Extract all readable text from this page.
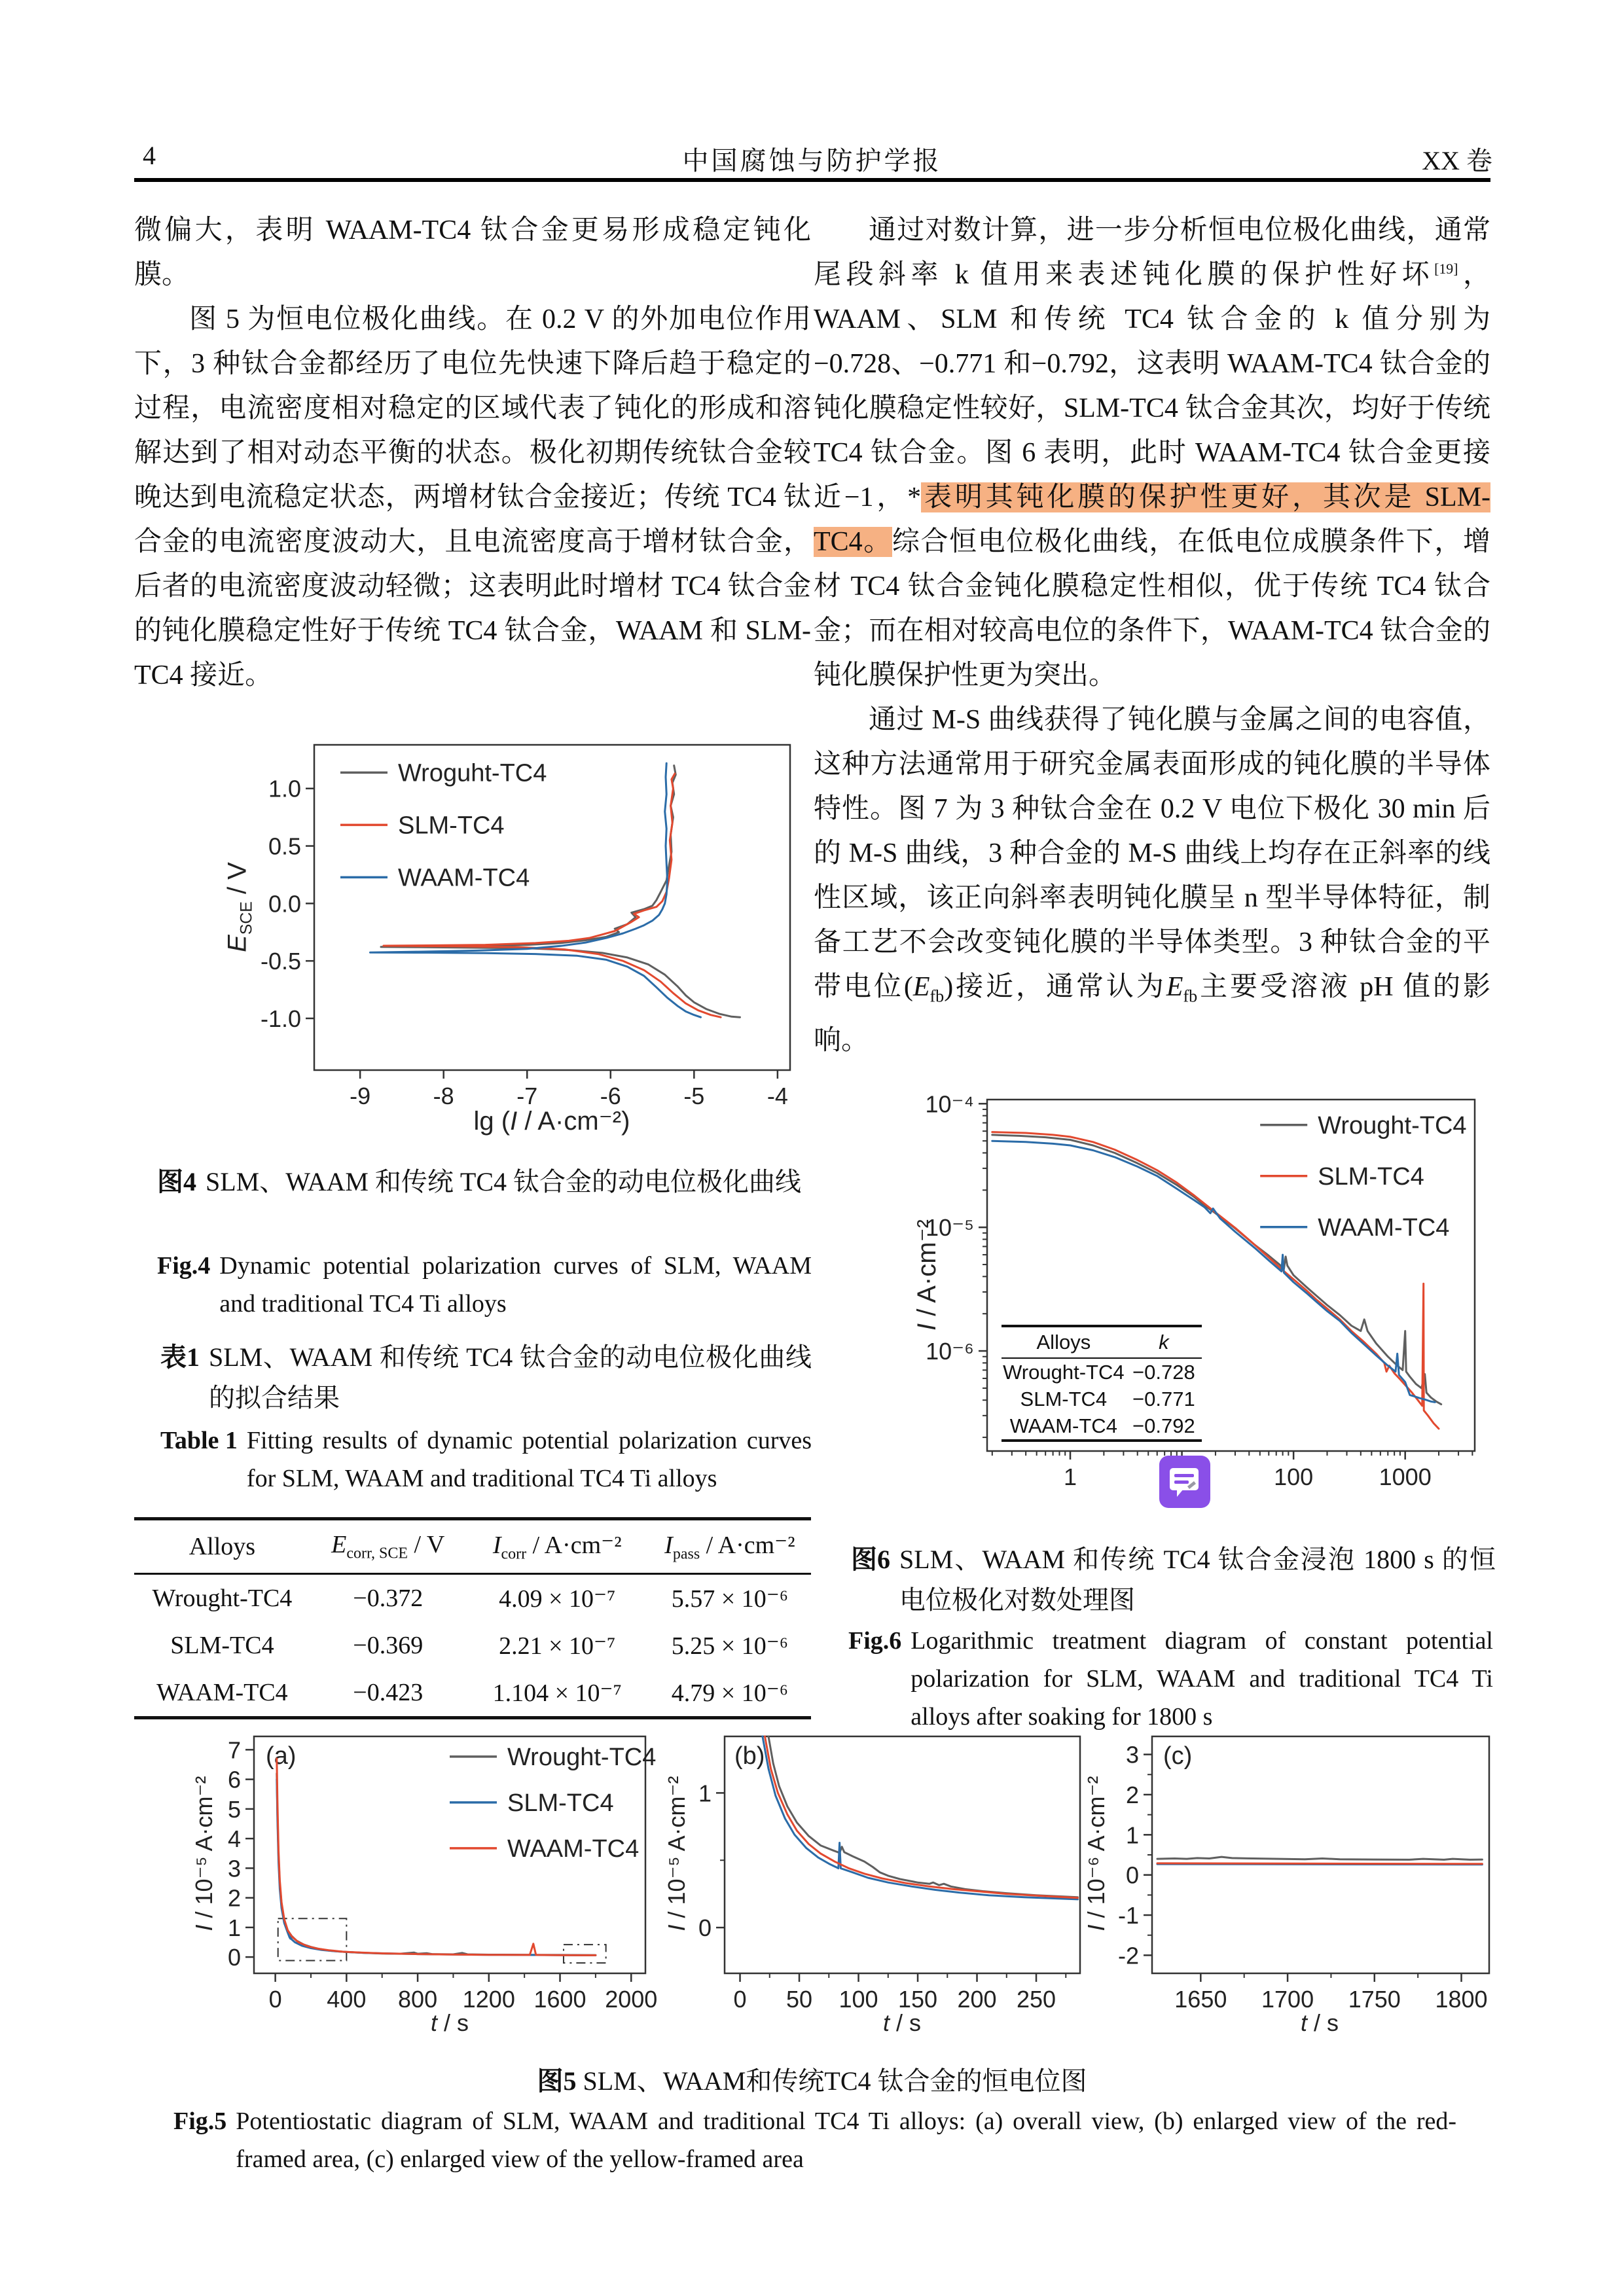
4	中国腐蚀与防护学报	XX 卷

微偏大，表明 WAAM-TC4 钛合金更易形成稳定钝化膜。

图 5 为恒电位极化曲线。在 0.2 V 的外加电位作用下，3 种钛合金都经历了电位先快速下降后趋于稳定的过程，电流密度相对稳定的区域代表了钝化的形成和溶解达到了相对动态平衡的状态。极化初期传统钛合金较晚达到电流稳定状态，两增材钛合金接近；传统 TC4 钛合金的电流密度波动大，且电流密度高于增材钛合金，后者的电流密度波动轻微；这表明此时增材 TC4 钛合金的钝化膜稳定性好于传统 TC4 钛合金，WAAM 和 SLM-TC4 接近。

通过对数计算，进一步分析恒电位极化曲线，通常尾段斜率 k 值用来表述钝化膜的保护性好坏[19]，WAAM、SLM 和传统 TC4 钛合金的 k 值分别为−0.728、−0.771 和−0.792，这表明 WAAM-TC4 钛合金的钝化膜稳定性较好，SLM-TC4 钛合金其次，均好于传统 TC4 钛合金。图 6 表明，此时 WAAM-TC4 钛合金更接近−1，*表明其钝化膜的保护性更好，其次是 SLM-TC4。综合恒电位极化曲线，在低电位成膜条件下，增材 TC4 钛合金钝化膜稳定性相似，优于传统 TC4 钛合金；而在相对较高电位的条件下，WAAM-TC4 钛合金的钝化膜保护性更为突出。

通过 M-S 曲线获得了钝化膜与金属之间的电容值，这种方法通常用于研究金属表面形成的钝化膜的半导体特性。图 7 为 3 种钛合金在 0.2 V 电位下极化 30 min 后的 M-S 曲线，3 种合金的 M-S 曲线上均存在正斜率的线性区域，该正向斜率表明钝化膜呈 n 型半导体特征，制备工艺不会改变钝化膜的半导体类型。3 种钛合金的平带电位$(E_{fb})$接近，通常认为$E_{fb}$主要受溶液 pH 值的影响。

$E_{SCE}$ / V
lg (I / A·cm⁻²)
-9	-8	-7	-6	-5	-4
-1.0
-0.5
0.0
0.5
1.0
Wroguht-TC4
SLM-TC4
WAAM-TC4
图4 SLM、WAAM 和传统 TC4 钛合金的动电位极化曲线
Fig.4 Dynamic potential polarization curves of SLM, WAAM and traditional TC4 Ti alloys
表1 SLM、WAAM 和传统 TC4 钛合金的动电位极化曲线的拟合结果
Table 1 Fitting results of dynamic potential polarization curves for SLM, WAAM and traditional TC4 Ti alloys
Alloys	$E_{corr, SCE}$ / V	$I_{corr} / A\cdot cm^{-2}$	$I_{pass} / A\cdot cm^{-2}$
Wrought-TC4	−0.372	4.09 × 10⁻⁷	5.57 × 10⁻⁶
SLM-TC4	−0.369	2.21 × 10⁻⁷	5.25 × 10⁻⁶
WAAM-TC4	−0.423	1.104 × 10⁻⁷	4.79 × 10⁻⁶
I / A·cm⁻²
Alloys	k
Wrought-TC4 −0.728
SLM-TC4	−0.771
WAAM-TC4 −0.792
1	100	1000
10⁻⁴
10⁻⁵
10⁻⁶
Wrought-TC4
SLM-TC4
WAAM-TC4
图6 SLM、WAAM 和传统 TC4 钛合金浸泡 1800 s 的恒电位极化对数处理图
Fig.6 Logarithmic treatment diagram of constant potential polarization for SLM, WAAM and traditional TC4 Ti alloys after soaking for 1800 s
(a)
I / 10⁻⁵ A·cm⁻²
t / s
0 400 800 1200 1600 2000
0
1
2
3
4
5
6
7	Wrought-TC4
SLM-TC4
WAAM-TC4
(b)
I / 10⁻⁵ A·cm⁻²
t / s
0 50 100 150 200 250
0
1
(c)
I / 10⁻⁶ A·cm⁻²
t / s
1650 1700 1750 1800
-2
-1
0
1
2
3
图5 SLM、WAAM和传统TC4 钛合金的恒电位图
Fig.5 Potentiostatic diagram of SLM, WAAM and traditional TC4 Ti alloys: (a) overall view, (b) enlarged view of the red-framed area, (c) enlarged view of the yellow-framed area
